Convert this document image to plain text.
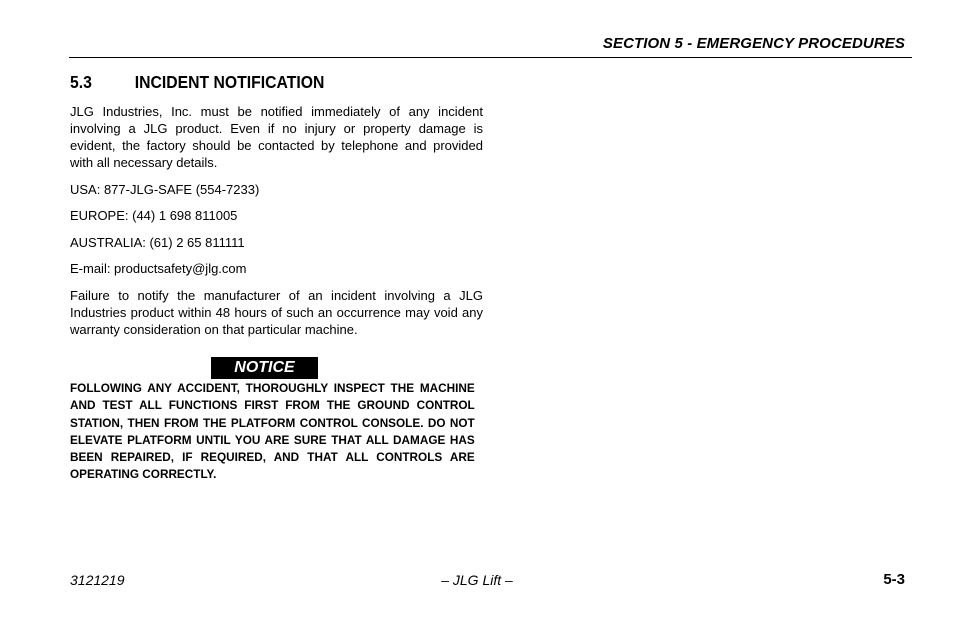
SECTION 5 - EMERGENCY PROCEDURES
5.3 INCIDENT NOTIFICATION

JLG Industries, Inc. must be notified immediately of any incident involving a JLG product. Even if no injury or property damage is evident, the factory should be contacted by telephone and provided with all necessary details.

USA: 877-JLG-SAFE (554-7233)

EUROPE: (44) 1 698 811005

AUSTRALIA: (61) 2 65 811111

E-mail: productsafety@jlg.com

Failure to notify the manufacturer of an incident involving a JLG Industries product within 48 hours of such an occurrence may void any warranty consideration on that particular machine.

NOTICE
FOLLOWING ANY ACCIDENT, THOROUGHLY INSPECT THE MACHINE AND TEST ALL FUNCTIONS FIRST FROM THE GROUND CONTROL STATION, THEN FROM THE PLATFORM CONTROL CONSOLE. DO NOT ELEVATE PLATFORM UNTIL YOU ARE SURE THAT ALL DAMAGE HAS BEEN REPAIRED, IF REQUIRED, AND THAT ALL CONTROLS ARE OPERATING CORRECTLY.
3121219	– JLG Lift –	5-3
